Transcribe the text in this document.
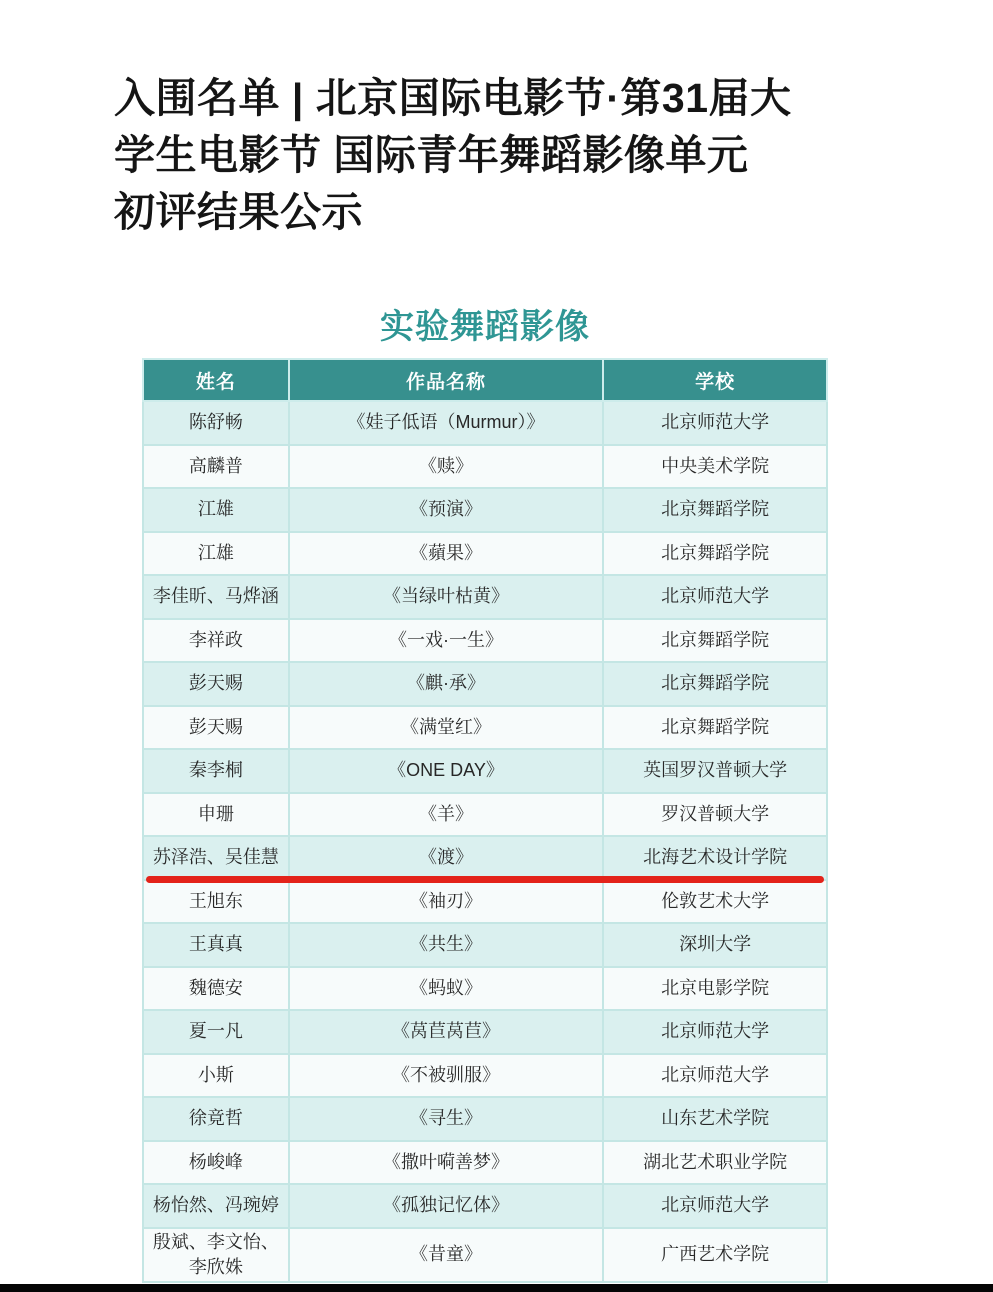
入围名单 | 北京国际电影节·第31届大
学生电影节 国际青年舞蹈影像单元
初评结果公示
实验舞蹈影像
姓名	作品名称	学校
陈舒畅	《娃子低语（Murmur）》	北京师范大学
高麟普	《赎》	中央美术学院
江雄	《预演》	北京舞蹈学院
江雄	《蘋果》	北京舞蹈学院
李佳昕、马烨涵	《当绿叶枯黄》	北京师范大学
李祥政	《一戏·一生》	北京舞蹈学院
彭天赐	《麒·承》	北京舞蹈学院
彭天赐	《满堂红》	北京舞蹈学院
秦李桐	《ONE DAY》	英国罗汉普顿大学
申珊	《羊》	罗汉普顿大学
苏泽浩、吴佳慧	《渡》	北海艺术设计学院
王旭东	《袖刃》	伦敦艺术大学
王真真	《共生》	深圳大学
魏德安	《蚂蚁》	北京电影学院
夏一凡	《莴苣莴苣》	北京师范大学
小斯	《不被驯服》	北京师范大学
徐竟哲	《寻生》	山东艺术学院
杨峻峰	《撒叶嗬善梦》	湖北艺术职业学院
杨怡然、冯琬婷	《孤独记忆体》	北京师范大学
殷斌、李文怡、李欣姝	《昔童》	广西艺术学院
